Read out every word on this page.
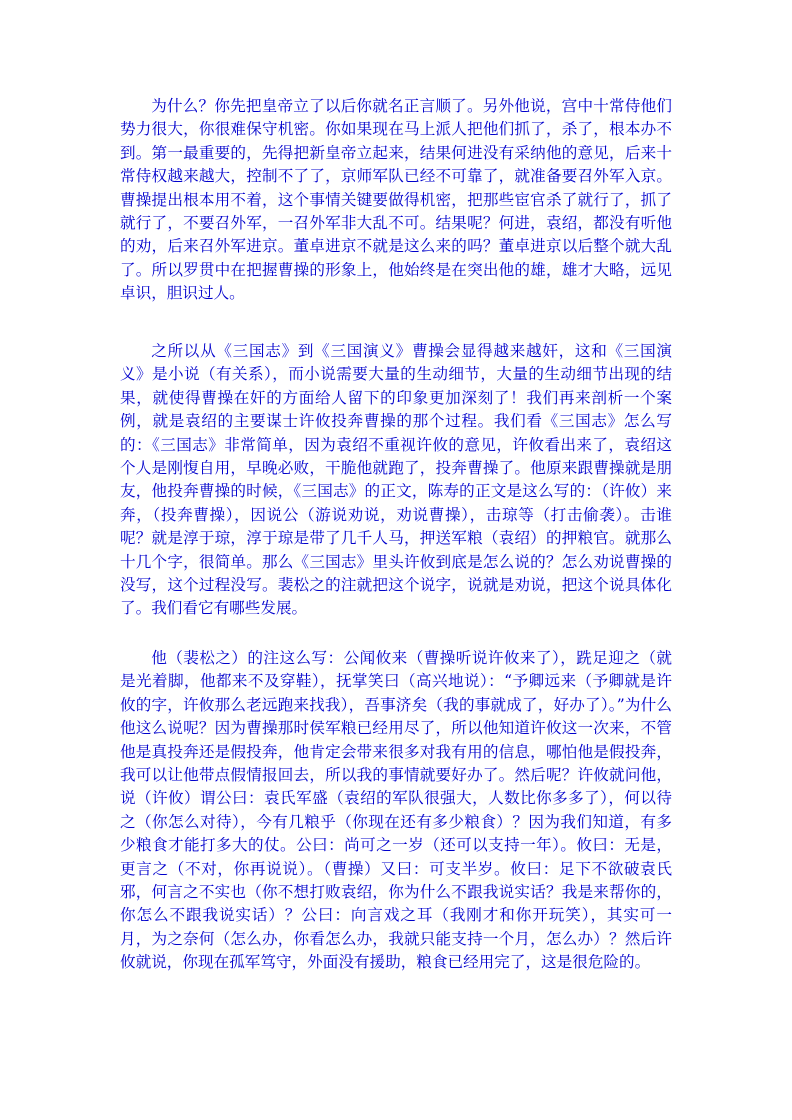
为什么？你先把皇帝立了以后你就名正言顺了。另外他说，宫中十常侍他们势力很大，你很难保守机密。你如果现在马上派人把他们抓了，杀了，根本办不到。第一最重要的，先得把新皇帝立起来，结果何进没有采纳他的意见，后来十常侍权越来越大，控制不了了，京师军队已经不可靠了，就准备要召外军入京。曹操提出根本用不着，这个事情关键要做得机密，把那些宦官杀了就行了，抓了就行了，不要召外军，一召外军非大乱不可。结果呢？何进，袁绍，都没有听他的劝，后来召外军进京。董卓进京不就是这么来的吗？董卓进京以后整个就大乱了。所以罗贯中在把握曹操的形象上，他始终是在突出他的雄，雄才大略，远见卓识，胆识过人。

之所以从《三国志》到《三国演义》曹操会显得越来越奸，这和《三国演义》是小说（有关系），而小说需要大量的生动细节，大量的生动细节出现的结果，就使得曹操在奸的方面给人留下的印象更加深刻了！我们再来剖析一个案例，就是袁绍的主要谋士许攸投奔曹操的那个过程。我们看《三国志》怎么写的：《三国志》非常简单，因为袁绍不重视许攸的意见，许攸看出来了，袁绍这个人是刚愎自用，早晚必败，干脆他就跑了，投奔曹操了。他原来跟曹操就是朋友，他投奔曹操的时候，《三国志》的正文，陈寿的正文是这么写的：（许攸）来奔，（投奔曹操），因说公（游说劝说，劝说曹操），击琼等（打击偷袭）。击谁呢？就是淳于琼，淳于琼是带了几千人马，押送军粮（袁绍）的押粮官。就那么十几个字，很简单。那么《三国志》里头许攸到底是怎么说的？怎么劝说曹操的没写，这个过程没写。裴松之的注就把这个说字，说就是劝说，把这个说具体化了。我们看它有哪些发展。

他（裴松之）的注这么写：公闻攸来（曹操听说许攸来了），跣足迎之（就是光着脚，他都来不及穿鞋），抚掌笑曰（高兴地说）：“予卿远来（予卿就是许攸的字，许攸那么老远跑来找我），吾事济矣（我的事就成了，好办了）。”为什么他这么说呢？因为曹操那时侯军粮已经用尽了，所以他知道许攸这一次来，不管他是真投奔还是假投奔，他肯定会带来很多对我有用的信息，哪怕他是假投奔，我可以让他带点假情报回去，所以我的事情就要好办了。然后呢？许攸就问他，说（许攸）谓公曰：袁氏军盛（袁绍的军队很强大，人数比你多多了），何以待之（你怎么对待），今有几粮乎（你现在还有多少粮食）？因为我们知道，有多少粮食才能打多大的仗。公曰：尚可之一岁（还可以支持一年）。攸曰：无是，更言之（不对，你再说说）。（曹操）又曰：可支半岁。攸曰：足下不欲破袁氏邪，何言之不实也（你不想打败袁绍，你为什么不跟我说实话？我是来帮你的，你怎么不跟我说实话）？公曰：向言戏之耳（我刚才和你开玩笑），其实可一月，为之奈何（怎么办，你看怎么办，我就只能支持一个月，怎么办）？然后许攸就说，你现在孤军笃守，外面没有援助，粮食已经用完了，这是很危险的。
